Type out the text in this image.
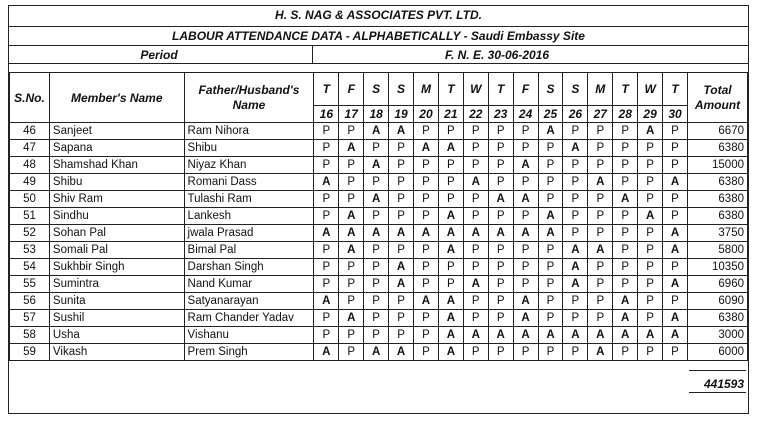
H. S. NAG & ASSOCIATES PVT. LTD.
LABOUR ATTENDANCE DATA - ALPHABETICALLY - Saudi Embassy Site
Period	F. N. E. 30-06-2016
S.No.	Member's Name	Father/Husband's Name	T	F	S	S	M	T	W	T	F	S	S	M	T	W	T	Total Amount
			16	17	18	19	20	21	22	23	24	25	26	27	28	29	30	
46	Sanjeet	Ram Nihora	P	P	A	A	P	P	P	P	P	A	P	P	P	A	P	6670
47	Sapana	Shibu	P	A	P	P	A	A	P	P	P	P	A	P	P	P	P	6380
48	Shamshad Khan	Niyaz Khan	P	P	A	P	P	P	P	P	A	P	P	P	P	P	P	15000
49	Shibu	Romani Dass	A	P	P	P	P	P	A	P	P	P	P	A	P	P	A	6380
50	Shiv Ram	Tulashi Ram	P	P	A	P	P	P	P	A	A	P	P	P	A	P	P	6380
51	Sindhu	Lankesh	P	A	P	P	P	A	P	P	P	A	P	P	P	A	P	6380
52	Sohan Pal	jwala Prasad	A	A	A	A	A	A	A	A	A	A	P	P	P	P	A	3750
53	Somali Pal	Bimal Pal	P	A	P	P	P	A	P	P	P	P	A	A	P	P	A	5800
54	Sukhbir Singh	Darshan Singh	P	P	P	A	P	P	P	P	P	P	A	P	P	P	P	10350
55	Sumintra	Nand Kumar	P	P	P	A	P	P	A	P	P	P	A	P	P	P	A	6960
56	Sunita	Satyanarayan	A	P	P	P	A	A	P	P	A	P	P	P	A	P	P	6090
57	Sushil	Ram Chander Yadav	P	A	P	P	P	A	P	P	A	P	P	P	A	P	A	6380
58	Usha	Vishanu	P	P	P	P	P	A	A	A	A	A	A	A	A	A	A	3000
59	Vikash	Prem Singh	A	P	A	A	P	A	P	P	P	P	P	A	P	P	P	6000
441593
